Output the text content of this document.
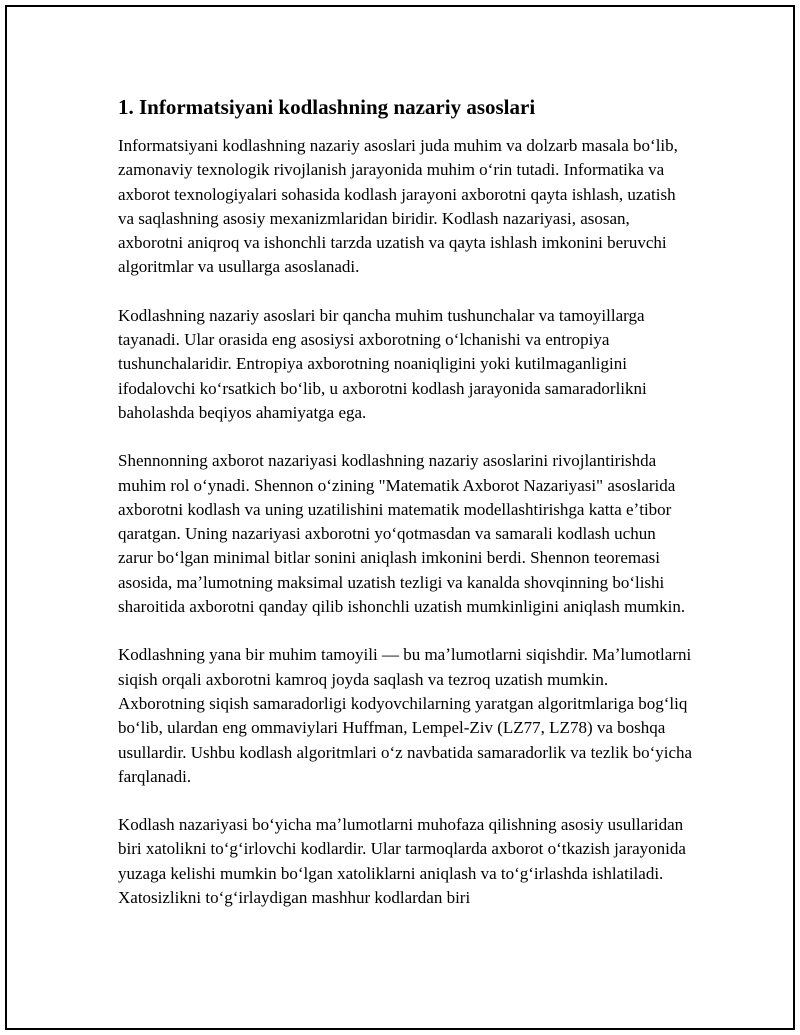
1. Informatsiyani kodlashning nazariy asoslari

Informatsiyani kodlashning nazariy asoslari juda muhim va dolzarb masala boʻlib, zamonaviy texnologik rivojlanish jarayonida muhim oʻrin tutadi. Informatika va axborot texnologiyalari sohasida kodlash jarayoni axborotni qayta ishlash, uzatish va saqlashning asosiy mexanizmlaridan biridir. Kodlash nazariyasi, asosan, axborotni aniqroq va ishonchli tarzda uzatish va qayta ishlash imkonini beruvchi algoritmlar va usullarga asoslanadi.

Kodlashning nazariy asoslari bir qancha muhim tushunchalar va tamoyillarga tayanadi. Ular orasida eng asosiysi axborotning oʻlchanishi va entropiya tushunchalaridir. Entropiya axborotning noaniqligini yoki kutilmaganligini ifodalovchi koʻrsatkich boʻlib, u axborotni kodlash jarayonida samaradorlikni baholashda beqiyos ahamiyatga ega.

Shennonning axborot nazariyasi kodlashning nazariy asoslarini rivojlantirishda muhim rol oʻynadi. Shennon oʻzining "Matematik Axborot Nazariyasi" asoslarida axborotni kodlash va uning uzatilishini matematik modellashtirishga katta eʼtibor qaratgan. Uning nazariyasi axborotni yoʻqotmasdan va samarali kodlash uchun zarur boʻlgan minimal bitlar sonini aniqlash imkonini berdi. Shennon teoremasi asosida, maʼlumotning maksimal uzatish tezligi va kanalda shovqinning boʻlishi sharoitida axborotni qanday qilib ishonchli uzatish mumkinligini aniqlash mumkin.

Kodlashning yana bir muhim tamoyili — bu maʼlumotlarni siqishdir. Maʼlumotlarni siqish orqali axborotni kamroq joyda saqlash va tezroq uzatish mumkin. Axborotning siqish samaradorligi kodyovchilarning yaratgan algoritmlariga bogʻliq boʻlib, ulardan eng ommaviylari Huffman, Lempel-Ziv (LZ77, LZ78) va boshqa usullardir. Ushbu kodlash algoritmlari oʻz navbatida samaradorlik va tezlik boʻyicha farqlanadi.

Kodlash nazariyasi boʻyicha maʼlumotlarni muhofaza qilishning asosiy usullaridan biri xatolikni toʻgʻirlovchi kodlardir. Ular tarmoqlarda axborot oʻtkazish jarayonida yuzaga kelishi mumkin boʻlgan xatoliklarni aniqlash va toʻgʻirlashda ishlatiladi. Xatosizlikni toʻgʻirlaydigan mashhur kodlardan biri
